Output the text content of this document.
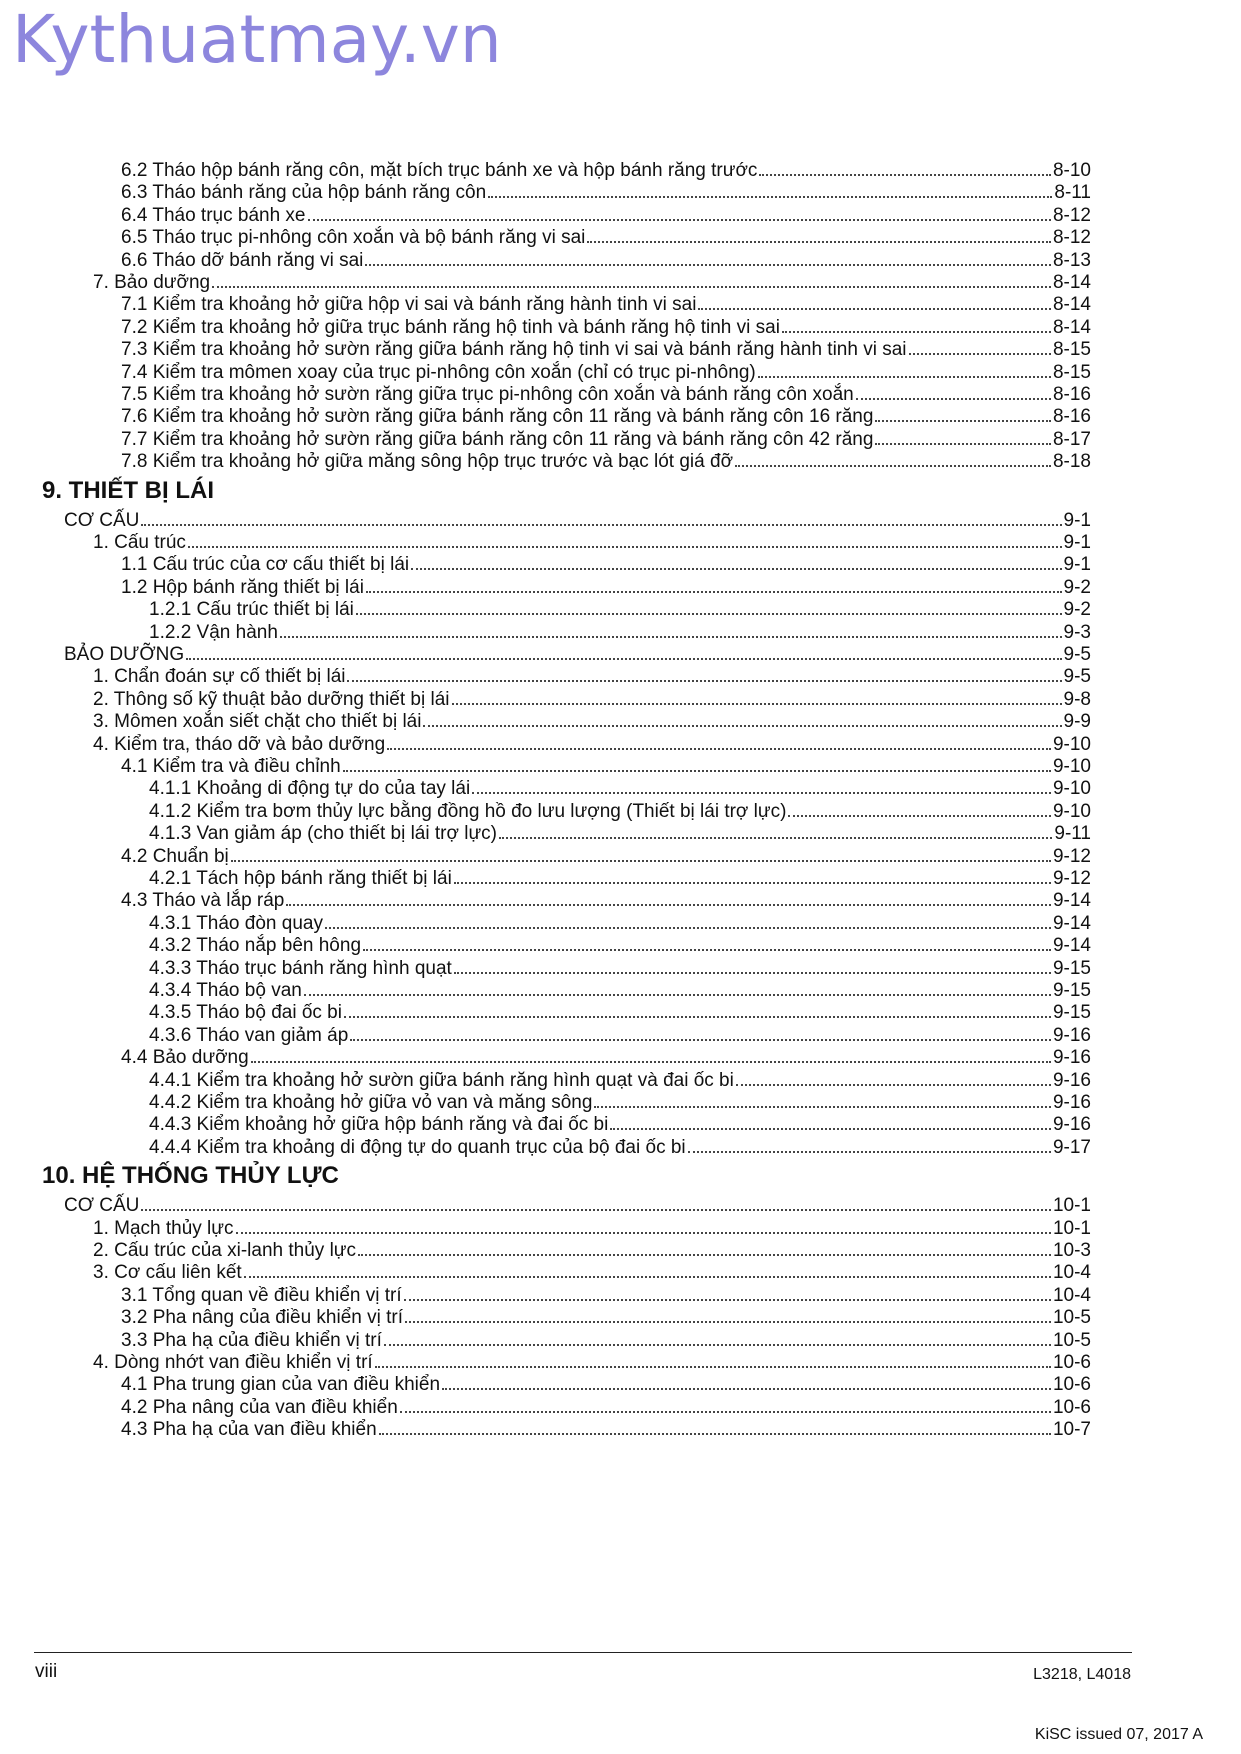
Kythuatmay.vn
6.2 Tháo hộp bánh răng côn, mặt bích trục bánh xe và hộp bánh răng trước	8-10
6.3 Tháo bánh răng của hộp bánh răng côn	8-11
6.4 Tháo trục bánh xe	8-12
6.5 Tháo trục pi-nhông côn xoắn và bộ bánh răng vi sai	8-12
6.6 Tháo dỡ bánh răng vi sai	8-13
7. Bảo dưỡng	8-14
7.1 Kiểm tra khoảng hở giữa hộp vi sai và bánh răng hành tinh vi sai	8-14
7.2 Kiểm tra khoảng hở giữa trục bánh răng hộ tinh và bánh răng hộ tinh vi sai	8-14
7.3 Kiểm tra khoảng hở sườn răng giữa bánh răng hộ tinh vi sai và bánh răng hành tinh vi sai	8-15
7.4 Kiểm tra mômen xoay của trục pi-nhông côn xoắn (chỉ có trục pi-nhông)	8-15
7.5 Kiểm tra khoảng hở sườn răng giữa trục pi-nhông côn xoắn và bánh răng côn xoắn	8-16
7.6 Kiểm tra khoảng hở sườn răng giữa bánh răng côn 11 răng và bánh răng côn 16 răng	8-16
7.7 Kiểm tra khoảng hở sườn răng giữa bánh răng côn 11 răng và bánh răng côn 42 răng	8-17
7.8 Kiểm tra khoảng hở giữa măng sông hộp trục trước và bạc lót giá đỡ	8-18
9. THIẾT BỊ LÁI
CƠ CẤU	9-1
1. Cấu trúc	9-1
1.1 Cấu trúc của cơ cấu thiết bị lái	9-1
1.2 Hộp bánh răng thiết bị lái	9-2
1.2.1 Cấu trúc thiết bị lái	9-2
1.2.2 Vận hành	9-3
BẢO DƯỠNG	9-5
1. Chẩn đoán sự cố thiết bị lái	9-5
2. Thông số kỹ thuật bảo dưỡng thiết bị lái	9-8
3. Mômen xoắn siết chặt cho thiết bị lái	9-9
4. Kiểm tra, tháo dỡ và bảo dưỡng	9-10
4.1 Kiểm tra và điều chỉnh	9-10
4.1.1 Khoảng di động tự do của tay lái	9-10
4.1.2 Kiểm tra bơm thủy lực bằng đồng hồ đo lưu lượng (Thiết bị lái trợ lực)	9-10
4.1.3 Van giảm áp (cho thiết bị lái trợ lực)	9-11
4.2 Chuẩn bị	9-12
4.2.1 Tách hộp bánh răng thiết bị lái	9-12
4.3 Tháo và lắp ráp	9-14
4.3.1 Tháo đòn quay	9-14
4.3.2 Tháo nắp bên hông	9-14
4.3.3 Tháo trục bánh răng hình quạt	9-15
4.3.4 Tháo bộ van	9-15
4.3.5 Tháo bộ đai ốc bi	9-15
4.3.6 Tháo van giảm áp	9-16
4.4 Bảo dưỡng	9-16
4.4.1 Kiểm tra khoảng hở sườn giữa bánh răng hình quạt và đai ốc bi	9-16
4.4.2 Kiểm tra khoảng hở giữa vỏ van và măng sông	9-16
4.4.3 Kiểm khoảng hở giữa hộp bánh răng và đai ốc bi	9-16
4.4.4 Kiểm tra khoảng di động tự do quanh trục của bộ đai ốc bi	9-17
10. HỆ THỐNG THỦY LỰC
CƠ CẤU	10-1
1. Mạch thủy lực	10-1
2. Cấu trúc của xi-lanh thủy lực	10-3
3. Cơ cấu liên kết	10-4
3.1 Tổng quan về điều khiển vị trí	10-4
3.2 Pha nâng của điều khiển vị trí	10-5
3.3 Pha hạ của điều khiển vị trí	10-5
4. Dòng nhớt van điều khiển vị trí	10-6
4.1 Pha trung gian của van điều khiển	10-6
4.2 Pha nâng của van điều khiển	10-6
4.3 Pha hạ của van điều khiển	10-7
viii	L3218, L4018
KiSC issued 07, 2017 A
